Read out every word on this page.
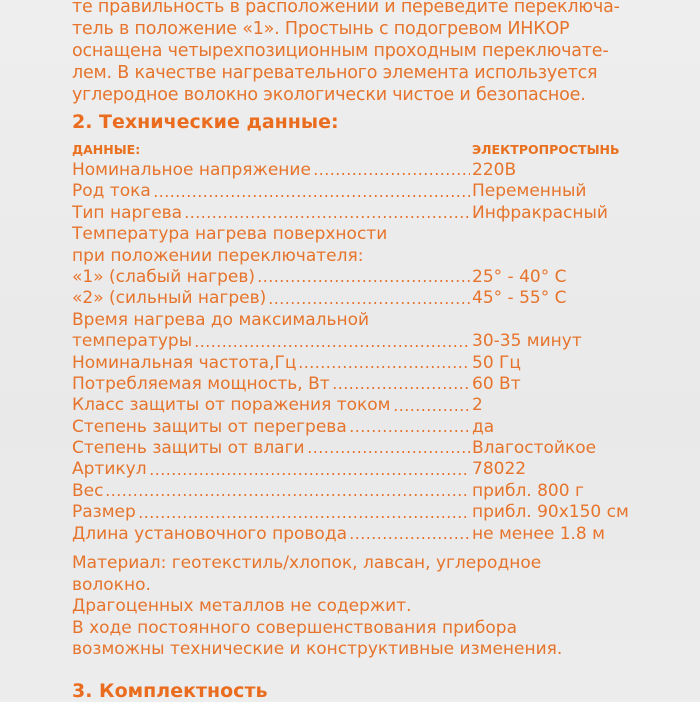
те правильность в расположении и переведите переключа-
тель в положение «1». Простынь с подогревом ИНКОР
оснащена четырехпозиционным проходным переключате-
лем. В качестве нагревательного элемента используется
углеродное волокно экологически чистое и безопасное.
2. Технические данные:
ДАННЫЕ:	ЭЛЕКТРОПРОСТЫНЬ
Номинальное напряжение	220В
Род тока	Переменный
Тип наргева	Инфракрасный
Температура нагрева поверхности
при положении переключателя:
«1» (слабый нагрев)	25° - 40° С
«2» (сильный нагрев)	45° - 55° С
Время нагрева до максимальной
температуры	30-35 минут
Номинальная частота,Гц	50 Гц
Потребляемая мощность, Вт	60 Вт
Класс защиты от поражения током	2
Степень защиты от перегрева	да
Степень защиты от влаги	Влагостойкое
Артикул	78022
Вес	прибл. 800 г
Размер	прибл. 90х150 см
Длина установочного провода	не менее 1.8 м
Материал: геотекстиль/хлопок, лавсан, углеродное
волокно.
Драгоценных металлов не содержит.
В ходе постоянного совершенствования прибора
возможны технические и конструктивные изменения.
3. Комплектность
